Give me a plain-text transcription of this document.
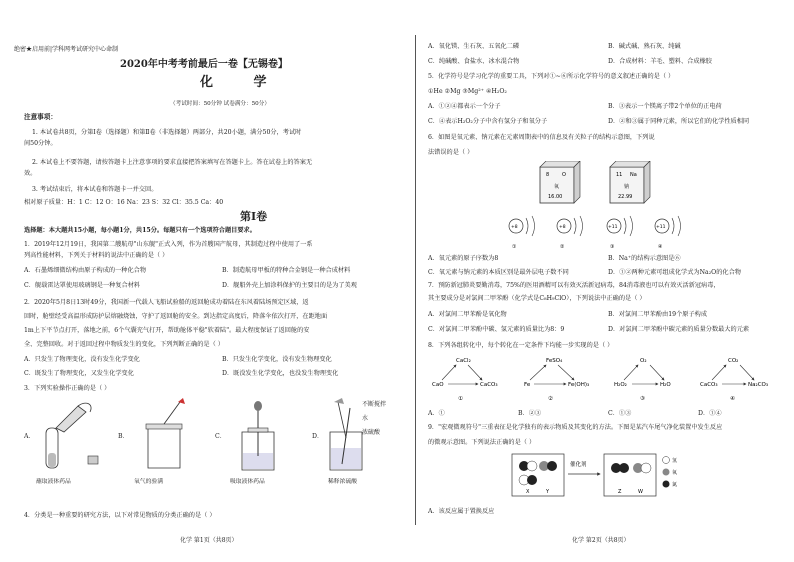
绝密★启用前|学科网考试研究中心命制
2020年中考考前最后一卷【无锡卷】
化 学
（考试时间：50分钟 试卷满分：50分）
注意事项：
1. 本试卷共8页，分第Ⅰ卷（选择题）和第Ⅱ卷（非选择题）两部分，共20小题，满分50分，考试时
间50分钟。
2. 本试卷上不要答题，请按答题卡上注意事项的要求直接把答案填写在答题卡上。答在试卷上的答案无
效。
3. 考试结束后，将本试卷和答题卡一并交回。
相对原子质量：H：1 C：12 O：16 Na：23 S：32 Cl：35.5 Ca：40
第Ⅰ卷
选择题：本大题共15小题，每小题1分，共15分。每题只有一个选项符合题目要求。
1．2019年12月19日，我国第二艘航母"山东舰"正式入列，作为首艘国产航母，其制造过程中使用了一系
列高性能材料，下列关于材料的说法中正确的是（ ）
A．石墨烯细微结构由原子构成的一种化合物	B．制造航母甲板的特种合金钢是一种合成材料
C．舰载雷达罩使用玻璃钢是一种复合材料	D．舰船外壳上加涂料保护的主要目的是为了美观
2．2020年5月8日13时49分，我国新一代载人飞船试验船的返回舱成功着陆在东风着陆场预定区域，返
回时，舱壁经受高温形成防护层熔融烧蚀，守护了返回舱的安全。到达指定高度后，降落伞依次打开，在距地面
1m上下平节点打开，落地之前，6个气囊充气打开，帮助舱体平稳"软着陆"。最大程度保证了返回舱的安
全、完整回收。对于返回过程中物质发生的变化，下列判断正确的是（ ）
A．只发生了物理变化，没有发生化学变化	B．只发生化学变化，没有发生物理变化
C．既发生了物理变化，又发生化学变化	D．既没发生化学变化，也没发生物理变化
3．下列实验操作正确的是（ ）
A．	B．	C．	D．
蘸取液体药品	氧气的验满	吸取液体药品
不断搅拌
水
浓硫酸
稀释浓硫酸
4．分类是一种重要的研究方法，以下对常见物质的分类正确的是（ ）
化学 第1页（共8页）
A．氧化镁、生石灰、五氧化二磷	B．碱式碱、熟石灰、纯碱
C．纯碱酸、食盐水、冰水混合物	D．合成材料：羊毛、塑料、合成橡胶
5．化学符号是学习化学的重要工具，下列对①~⑥所示化学符号的意义叙述正确的是（ ）
①He ②Mg ③Mg²⁺ ④H₂O₂
A．①②④都表示一个分子	B．③表示一个镁离子带2个单位的正电荷
C．④表示H₂O₂分子中含有氢分子和氧分子	D．②和③属于同种元素，所以它们的化学性质相同
6．如图是氧元素、钠元素在元素周期表中的信息及有关粒子的结构示意图，下列说
法错误的是（ ）
8	O
氧
16.00
11 Na
钠
22.99
+8	+8	+11	+11
①	②	③	④
A．氧元素的原子序数为8	B．Na⁺的结构示意图是⑥
C．氧元素与钠元素的本质区别是最外层电子数不同	D．①②两种元素可组成化学式为Na₂O的化合物
7．预防新冠肺炎要勤消毒，75%的医用酒精可以有效灭活新冠病毒，84消毒液也可以有效灭活新冠病毒，
其主要成分是对氯间二甲苯酚（化学式是C₈H₉ClO），下列说法中正确的是（ ）
A．对氯间二甲苯酚是氧化物	B．对氯间二甲苯酚由19个原子构成
C．对氯间二甲苯酚中碳、氢元素的质量比为8：9	D．对氯间二甲苯酚中碳元素的质量分数最大的元素
8．下列各组转化中，每个转化在一定条件下均能一步实现的是（ ）
CaCl₂
CaO	CaCO₃
①
FeSO₄
Fe	Fe(OH)₃
②
O₂
H₂O₂	H₂O
③
CO₂
CaCO₃	Na₂CO₃
④
A．①	B．②③	C．①③	D．①④
9．"宏观微观符号"三重表征是化学独有的表示物质及其变化的方法。下图是某汽车尾气净化装置中发生反应
的微观示意图。下列说法正确的是（ ）
X	Y
催化剂
Z	W
氢
氧
氮
A．该反应属于置换反应
化学 第2页（共8页）
